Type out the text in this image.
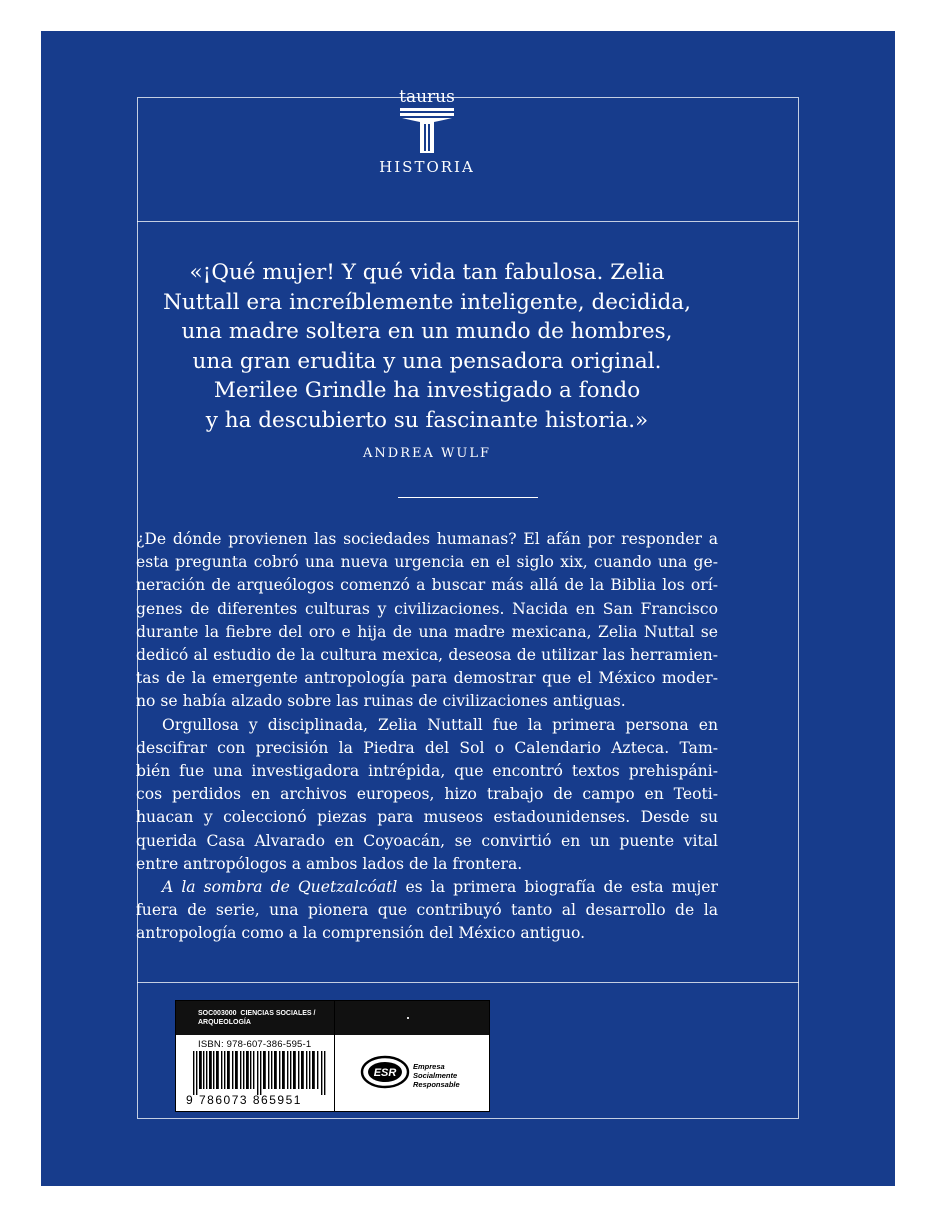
taurus
HISTORIA

«¡Qué mujer! Y qué vida tan fabulosa. Zelia

Nuttall era increíblemente inteligente, decidida,

una madre soltera en un mundo de hombres,

una gran erudita y una pensadora original.

Merilee Grindle ha investigado a fondo

y ha descubierto su fascinante historia.»

ANDREA WULF

¿De dónde provienen las sociedades humanas? El afán por responder a
esta pregunta cobró una nueva urgencia en el siglo xix, cuando una ge-
neración de arqueólogos comenzó a buscar más allá de la Biblia los orí-
genes de diferentes culturas y civilizaciones. Nacida en San Francisco
durante la fiebre del oro e hija de una madre mexicana, Zelia Nuttal se
dedicó al estudio de la cultura mexica, deseosa de utilizar las herramien-
tas de la emergente antropología para demostrar que el México moder-
no se había alzado sobre las ruinas de civilizaciones antiguas.

Orgullosa y disciplinada, Zelia Nuttall fue la primera persona en
descifrar con precisión la Piedra del Sol o Calendario Azteca. Tam-
bién fue una investigadora intrépida, que encontró textos prehispáni-
cos perdidos en archivos europeos, hizo trabajo de campo en Teoti-
huacan y coleccionó piezas para museos estadounidenses. Desde su
querida Casa Alvarado en Coyoacán, se convirtió en un puente vital
entre antropólogos a ambos lados de la frontera.

A la sombra de Quetzalcóatl es la primera biografía de esta mujer
fuera de serie, una pionera que contribuyó tanto al desarrollo de la
antropología como a la comprensión del México antiguo.

SOC003000 CIENCIAS SOCIALES /
ARQUEOLOGÍA
ISBN: 978-607-386-595-1
9 786073 865951
ESR
Empresa
Socialmente
Responsable
